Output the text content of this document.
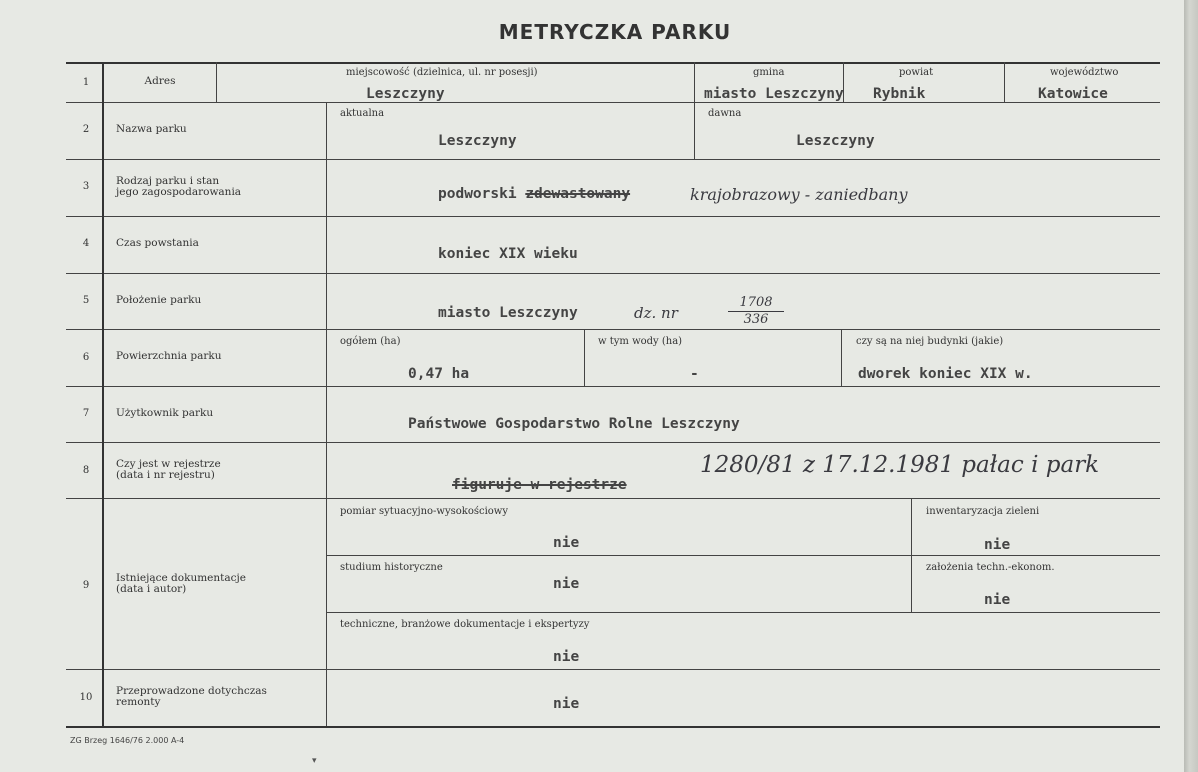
METRYCZKA PARKU
1
2
3
4
5
6
7
8
9
10
Adres
Nazwa parku
Rodzaj parku i stan
jego zagospodarowania
Czas powstania
Położenie parku
Powierzchnia parku
Użytkownik parku
Czy jest w rejestrze
(data i nr rejestru)
Istniejące dokumentacje
(data i autor)
Przeprowadzone dotychczas
remonty
miejscowość (dzielnica, ul. nr posesji)
Leszczyny
gmina
miasto Leszczyny
powiat
Rybnik
województwo
Katowice
aktualna
Leszczyny
dawna
Leszczyny
podworski zdewastowany	krajobrazowy - zaniedbany
koniec XIX wieku
miasto Leszczyny	dz. nr
1708
336
ogółem (ha)
0,47 ha
w tym wody (ha)
-
czy są na niej budynki (jakie)
dworek koniec XIX w.
Państwowe Gospodarstwo Rolne Leszczyny
figuruje w rejestrze
1280/81 z 17.12.1981 pałac i park
pomiar sytuacyjno-wysokościowy
nie
inwentaryzacja zieleni
nie
studium historyczne
nie
założenia techn.-ekonom.
nie
techniczne, branżowe dokumentacje i ekspertyzy
nie
nie
ZG Brzeg 1646/76 2.000 A-4
▾
